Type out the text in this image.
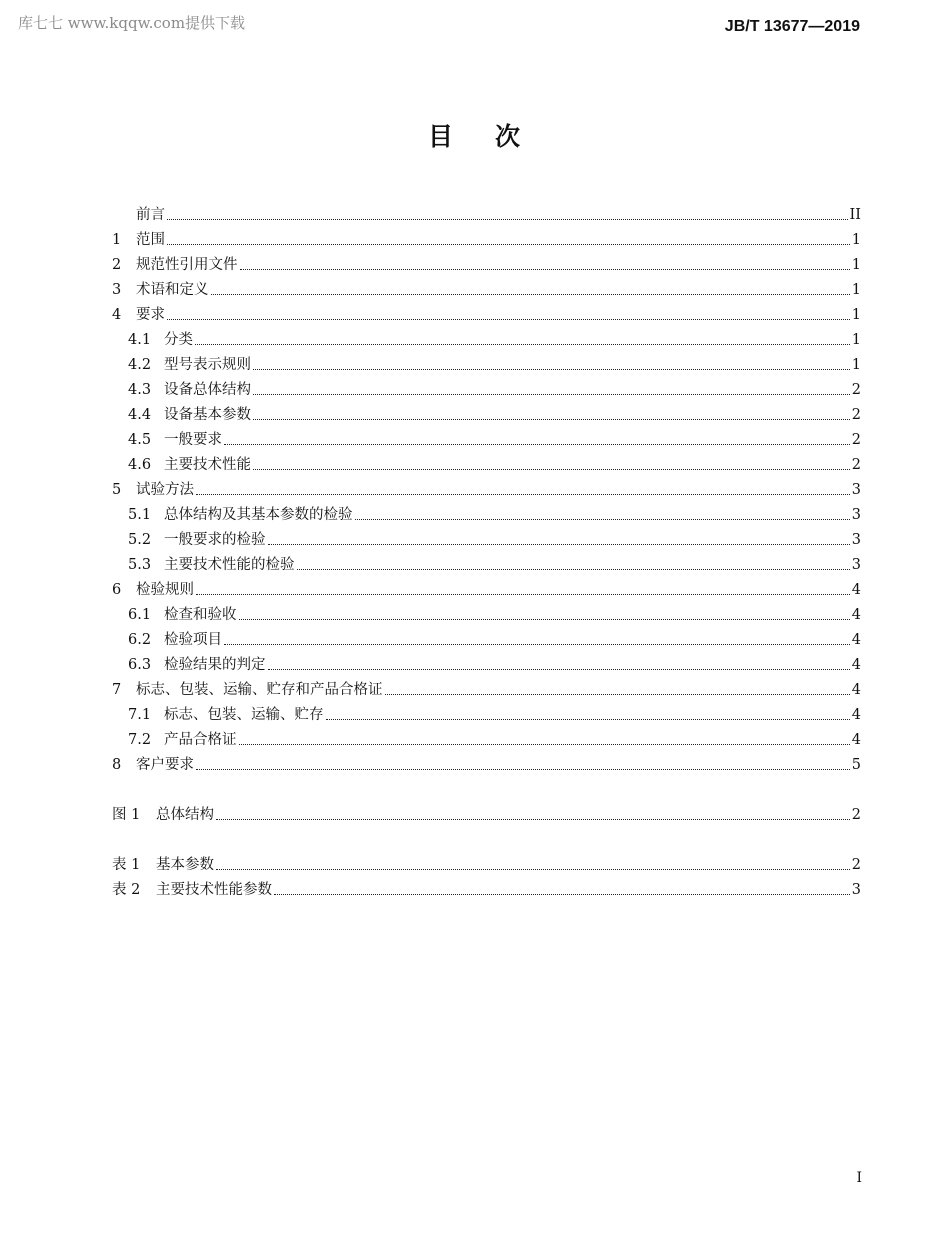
库七七 www.kqqw.com提供下载	JB/T 13677—2019
目 次
前言	II
1	范围	1
2	规范性引用文件	1
3	术语和定义	1
4	要求	1
4.1 分类	1
4.2 型号表示规则	1
4.3 设备总体结构	2
4.4 设备基本参数	2
4.5 一般要求	2
4.6 主要技术性能	2
5	试验方法	3
5.1 总体结构及其基本参数的检验	3
5.2 一般要求的检验	3
5.3 主要技术性能的检验	3
6	检验规则	4
6.1 检查和验收	4
6.2 检验项目	4
6.3 检验结果的判定	4
7	标志、包装、运输、贮存和产品合格证	4
7.1 标志、包装、运输、贮存	4
7.2 产品合格证	4
8	客户要求	5
图 1	总体结构	2
表 1	基本参数	2
表 2	主要技术性能参数	3
I
